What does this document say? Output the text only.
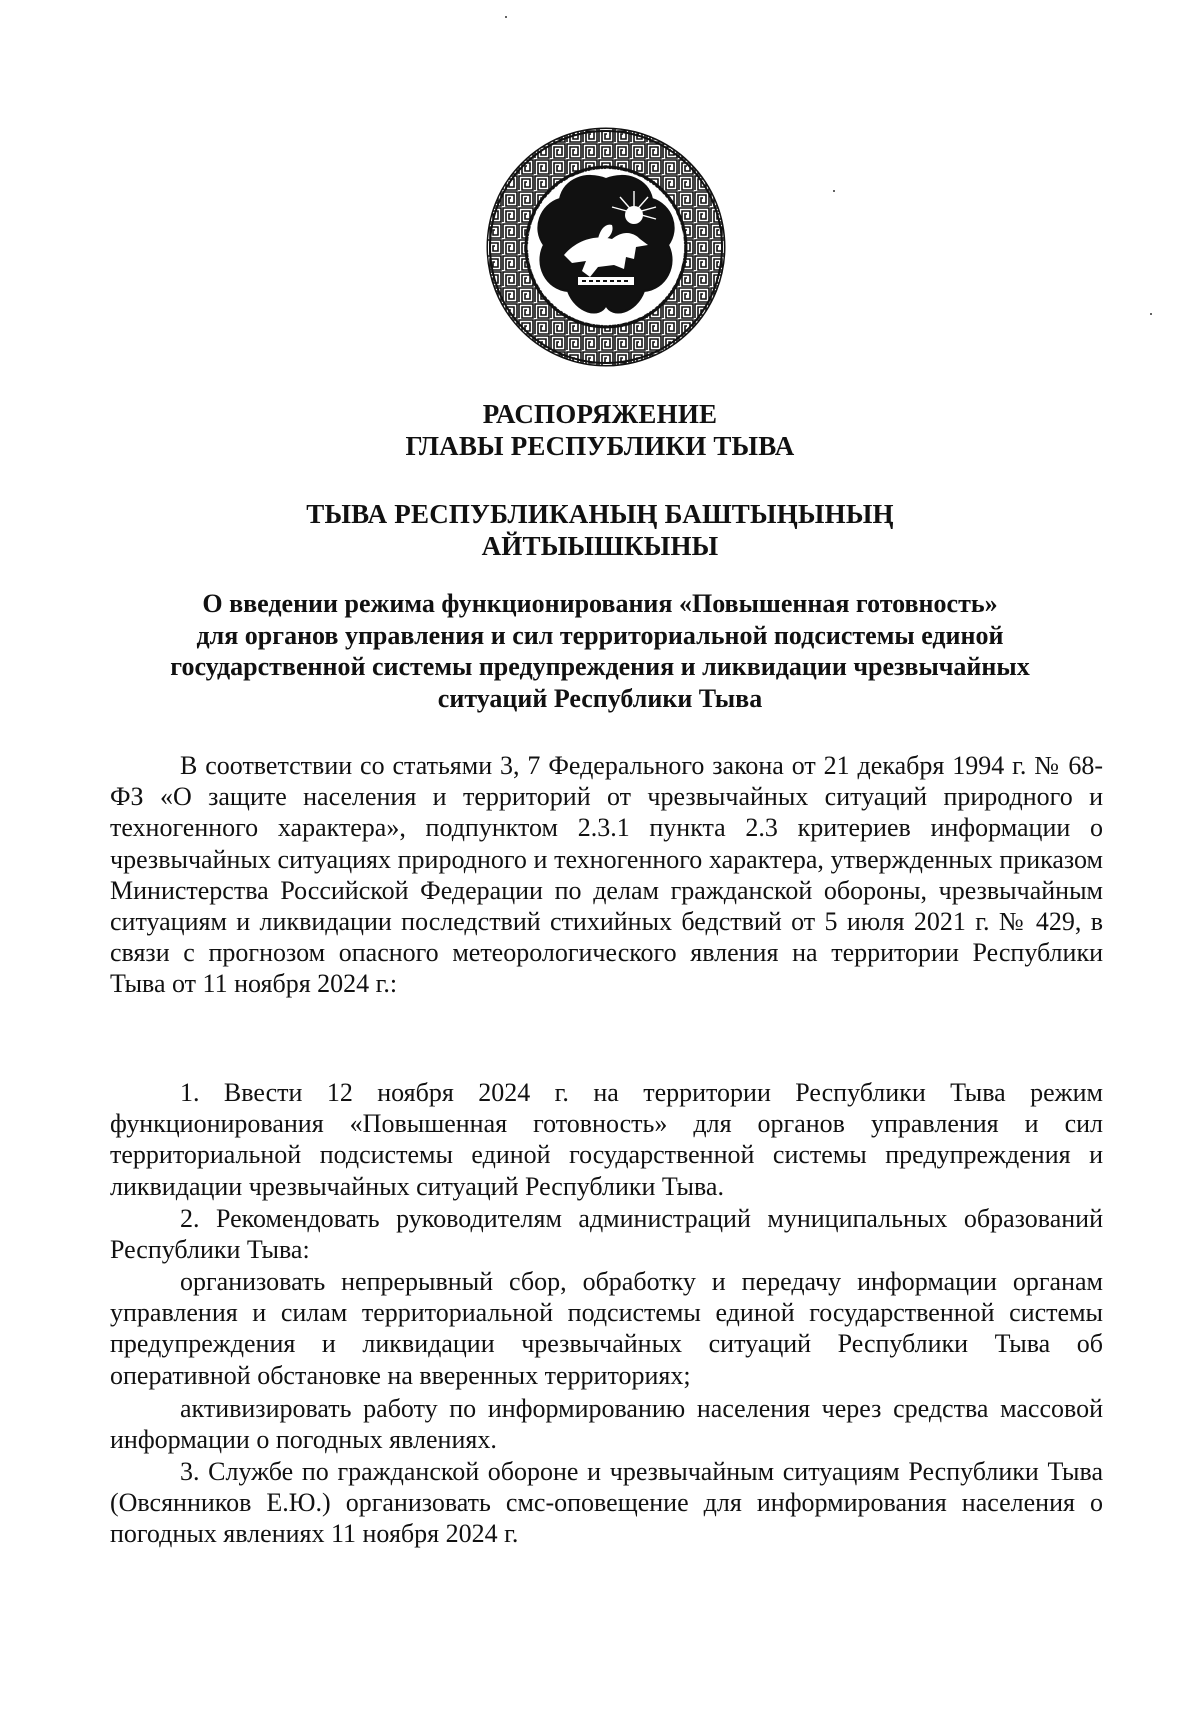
РАСПОРЯЖЕНИЕ
ГЛАВЫ РЕСПУБЛИКИ ТЫВА
ТЫВА РЕСПУБЛИКАНЫҢ БАШТЫҢЫНЫҢ
АЙТЫЫШКЫНЫ
О введении режима функционирования «Повышенная готовность»
для органов управления и сил территориальной подсистемы единой
государственной системы предупреждения и ликвидации чрезвычайных
ситуаций Республики Тыва
В соответствии со статьями 3, 7 Федерального закона от 21 декабря 1994 г. № 68-ФЗ «О защите населения и территорий от чрезвычайных ситуаций природного и техногенного характера», подпунктом 2.3.1 пункта 2.3 критериев информации о чрезвычайных ситуациях природного и техногенного характера, утвержденных приказом Министерства Российской Федерации по делам гражданской обороны, чрезвычайным ситуациям и ликвидации последствий стихийных бедствий от 5 июля 2021 г. № 429, в связи с прогнозом опасного метеорологического явления на территории Республики Тыва от 11 ноября 2024 г.:
1. Ввести 12 ноября 2024 г. на территории Республики Тыва режим функционирования «Повышенная готовность» для органов управления и сил территориальной подсистемы единой государственной системы предупреждения и ликвидации чрезвычайных ситуаций Республики Тыва.
2. Рекомендовать руководителям администраций муниципальных образований Республики Тыва:
организовать непрерывный сбор, обработку и передачу информации органам управления и силам территориальной подсистемы единой государственной системы предупреждения и ликвидации чрезвычайных ситуаций Республики Тыва об оперативной обстановке на вверенных территориях;
активизировать работу по информированию населения через средства массовой информации о погодных явлениях.
3. Службе по гражданской обороне и чрезвычайным ситуациям Республики Тыва (Овсянников Е.Ю.) организовать смс-оповещение для информирования населения о погодных явлениях 11 ноября 2024 г.
